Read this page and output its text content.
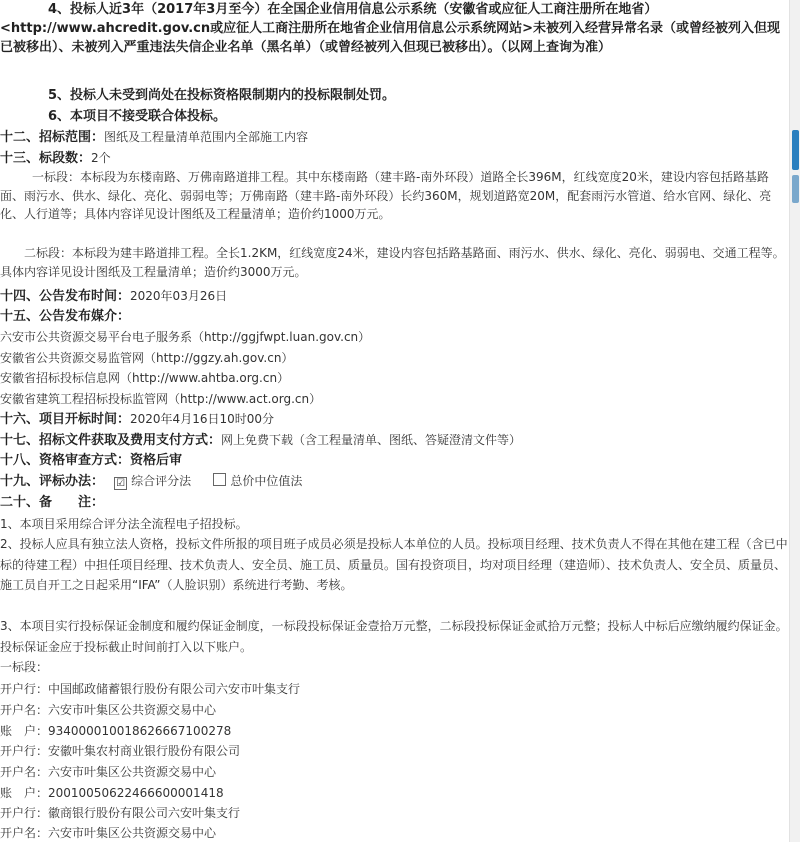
4、投标人近3年（2017年3月至今）在全国企业信用信息公示系统（安徽省或应征人工商注册所在地省）<http://www.ahcredit.gov.cn或应征人工商注册所在地省企业信用信息公示系统网站>未被列入经营异常名录（或曾经被列入但现已被移出）、未被列入严重违法失信企业名单（黑名单）（或曾经被列入但现已被移出）。（以网上查询为准）

5、投标人未受到尚处在投标资格限制期内的投标限制处罚。

6、本项目不接受联合体投标。

十二、招标范围：图纸及工程量清单范围内全部施工内容
十三、标段数：2个

一标段：本标段为东楼南路、万佛南路道排工程。其中东楼南路（建丰路-南外环段）道路全长396M，红线宽度20米，建设内容包括路基路面、雨污水、供水、绿化、亮化、弱弱电等；万佛南路（建丰路-南外环段）长约360M，规划道路宽20M，配套雨污水管道、给水官网、绿化、亮化、人行道等；具体内容详见设计图纸及工程量清单；造价约1000万元。

二标段：本标段为建丰路道排工程。全长1.2KM，红线宽度24米，建设内容包括路基路面、雨污水、供水、绿化、亮化、弱弱电、交通工程等。具体内容详见设计图纸及工程量清单；造价约3000万元。

十四、公告发布时间：2020年03月26日
十五、公告发布媒介：
六安市公共资源交易平台电子服务系（http://ggjfwpt.luan.gov.cn）
安徽省公共资源交易监管网（http://ggzy.ah.gov.cn）
安徽省招标投标信息网（http://www.ahtba.org.cn）
安徽省建筑工程招标投标监管网（http://www.act.org.cn）
十六、项目开标时间：2020年4月16日10时00分
十七、招标文件获取及费用支付方式：网上免费下载（含工程量清单、图纸、答疑澄清文件等）
十八、资格审查方式：资格后审
十九、评标办法： ☑ 综合评分法	总价中位值法
二十、备　　注：

1、本项目采用综合评分法全流程电子招投标。

2、投标人应具有独立法人资格，投标文件所报的项目班子成员必须是投标人本单位的人员。投标项目经理、技术负责人不得在其他在建工程（含已中标的待建工程）中担任项目经理、技术负责人、安全员、施工员、质量员。国有投资项目，均对项目经理（建造师）、技术负责人、安全员、质量员、施工员自开工之日起采用“IFA”（人脸识别）系统进行考勤、考核。

3、本项目实行投标保证金制度和履约保证金制度，一标段投标保证金壹拾万元整，二标段投标保证金贰拾万元整；投标人中标后应缴纳履约保证金。投标保证金应于投标截止时间前打入以下账户。

一标段：
开户行：中国邮政储蓄银行股份有限公司六安市叶集支行
开户名：六安市叶集区公共资源交易中心
账　户：934000010018626667100278
开户行：安徽叶集农村商业银行股份有限公司
开户名：六安市叶集区公共资源交易中心
账　户：20010050622466600001418
开户行：徽商银行股份有限公司六安叶集支行
开户名：六安市叶集区公共资源交易中心
